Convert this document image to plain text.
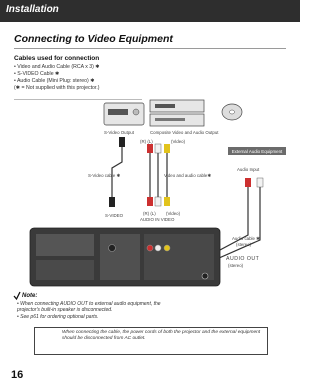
Installation
Connecting to Video Equipment
Cables used for connection
• Video and Audio Cable (RCA x 3) ✱
• S-VIDEO Cable ✱
• Audio Cable (Mini Plug: stereo) ✱
(✱ = Not supplied with this projector.)
S-Video Output	Composite Video and Audio Output
(R) (L)	(Video)
S-Video cable ✱	Video and audio cable✱
External Audio Equipment
Audio Input
S-VIDEO	(R) (L) (Video)
AUDIO IN VIDEO
Audio cable ✱
(stereo)
AUDIO OUT
(stereo)
Note:
• When connecting AUDIO OUT to external audio equipment, the
projector's built-in speaker is disconnected.
• See p61 for ordering optional parts.
When connecting the cable, the power cords of both the projector and the external equipment should be disconnected from AC outlet.
16
